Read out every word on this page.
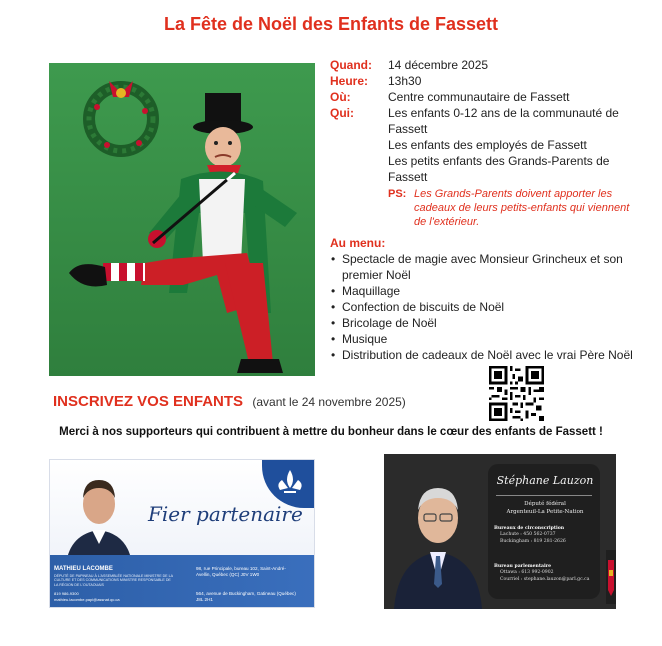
La Fête de Noël des Enfants de Fassett
Quand:	14 décembre 2025
Heure:	13h30
Où:	Centre communautaire de Fassett
Qui:	Les enfants 0-12 ans de la communauté de Fassett
Les enfants des employés de Fassett
Les petits enfants des Grands-Parents de Fassett
PS: Les Grands-Parents doivent apporter les cadeaux de leurs petits-enfants qui viennent de l'extérieur.
Au menu:
• Spectacle de magie avec Monsieur Grincheux et son premier Noël
• Maquillage
• Confection de biscuits de Noël
• Bricolage de Noël
• Musique
• Distribution de cadeaux de Noël avec le vrai Père Noël
INSCRIVEZ VOS ENFANTS (avant le 24 novembre 2025)
Merci à nos supporteurs qui contribuent à mettre du bonheur dans le cœur des enfants de Fassett !
Fier partenaire
MATHIEU LACOMBE
DÉPUTÉ DE PAPINEAU À L'ASSEMBLÉE NATIONALE MINISTRE DE LA CULTURE ET DES COMMUNICATIONS MINISTRE RESPONSABLE DE LA RÉGION DE L'OUTAOUAIS
819 986-9300
mathieu.lacombe.papi@assnat.qc.ca
98, rue Principale, bureau 102, Saint-André-Avellin, Québec (QC) J0V 1W0
564, avenue de Buckingham, Gatineau (Québec) J8L 2H1
Stéphane Lauzon
Député fédéral
Argenteuil-La Petite-Nation
Bureaux de circonscription
Lachute : 450 562-0737
Buckingham : 819 281-2626
Bureau parlementaire
Ottawa : 613 992-0902
Courriel : stephane.lauzon@parl.gc.ca
